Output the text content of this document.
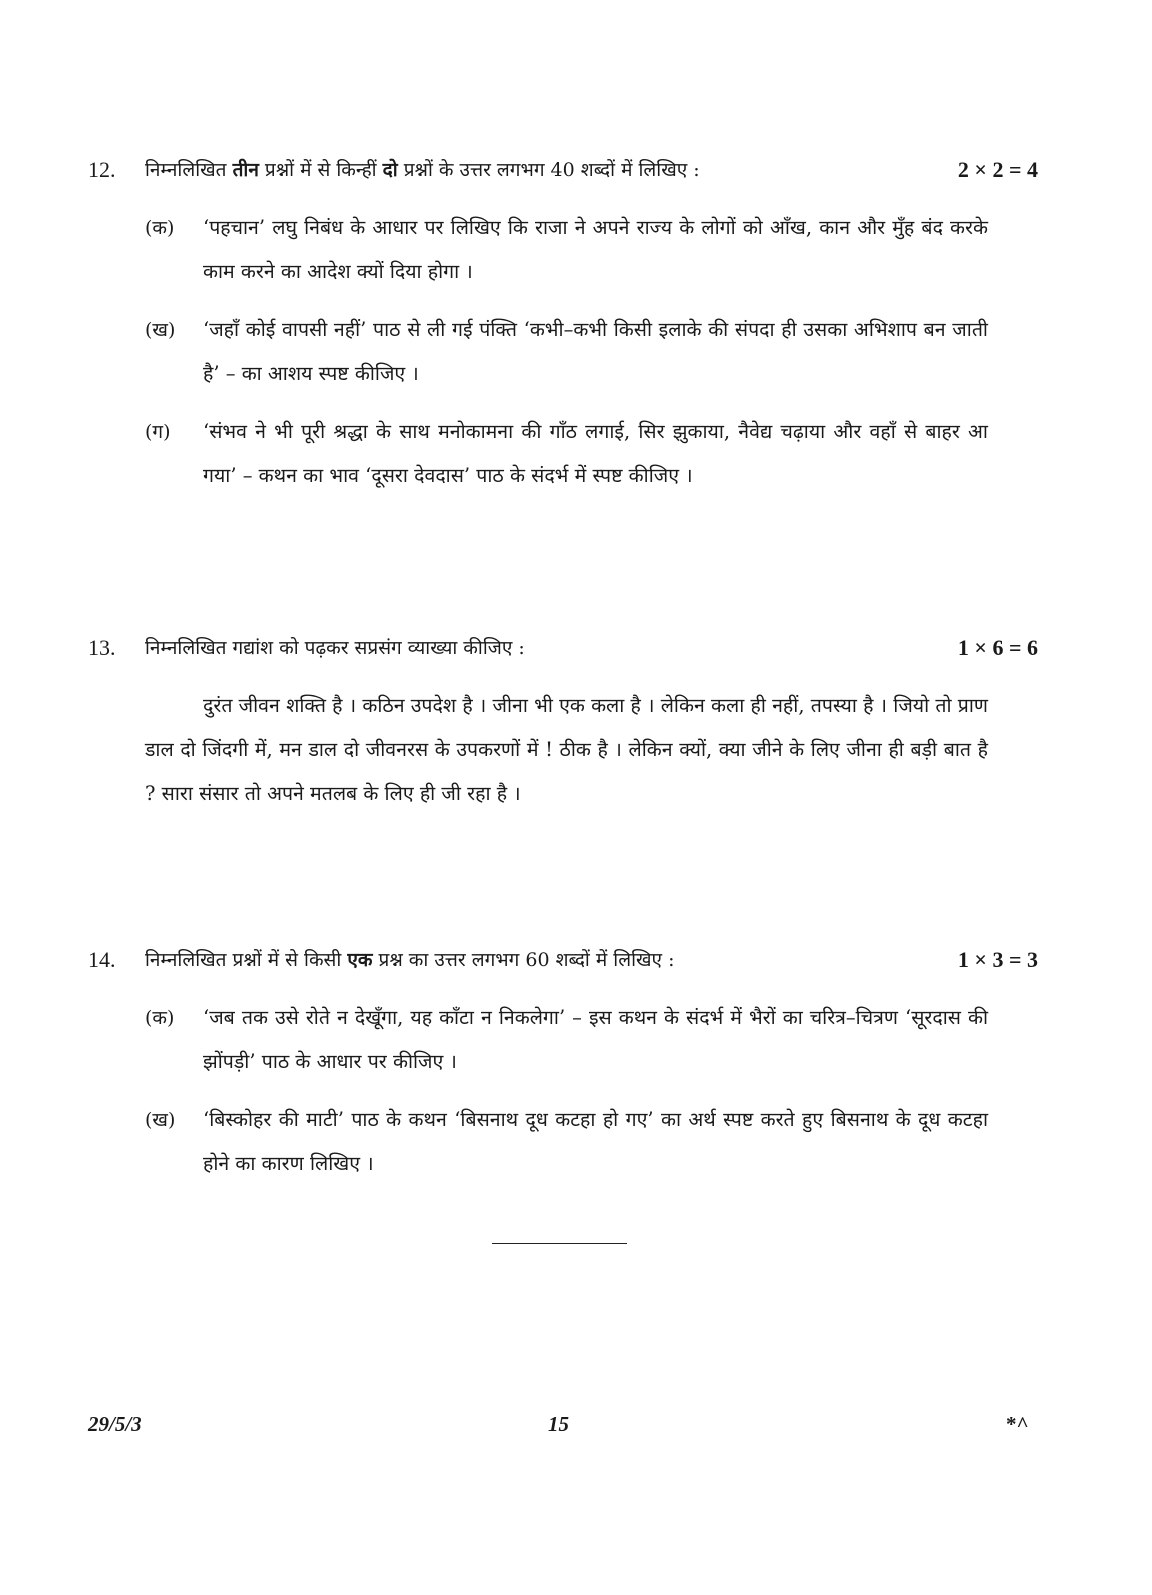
12. निम्नलिखित तीन प्रश्नों में से किन्हीं दो प्रश्नों के उत्तर लगभग 40 शब्दों में लिखिए :	2 × 2 = 4
(क) ‘पहचान’ लघु निबंध के आधार पर लिखिए कि राजा ने अपने राज्य के लोगों को आँख, कान और मुँह बंद करके काम करने का आदेश क्यों दिया होगा ।
(ख) ‘जहाँ कोई वापसी नहीं’ पाठ से ली गई पंक्ति ‘कभी–कभी किसी इलाके की संपदा ही उसका अभिशाप बन जाती है’ – का आशय स्पष्ट कीजिए ।
(ग) ‘संभव ने भी पूरी श्रद्धा के साथ मनोकामना की गाँठ लगाई, सिर झुकाया, नैवेद्य चढ़ाया और वहाँ से बाहर आ गया’ – कथन का भाव ‘दूसरा देवदास’ पाठ के संदर्भ में स्पष्ट कीजिए ।
13. निम्नलिखित गद्यांश को पढ़कर सप्रसंग व्याख्या कीजिए :	1 × 6 = 6
दुरंत जीवन शक्ति है । कठिन उपदेश है । जीना भी एक कला है । लेकिन कला ही नहीं, तपस्या है । जियो तो प्राण डाल दो जिंदगी में, मन डाल दो जीवनरस के उपकरणों में ! ठीक है । लेकिन क्यों, क्या जीने के लिए जीना ही बड़ी बात है ? सारा संसार तो अपने मतलब के लिए ही जी रहा है ।
14. निम्नलिखित प्रश्नों में से किसी एक प्रश्न का उत्तर लगभग 60 शब्दों में लिखिए :	1 × 3 = 3
(क) ‘जब तक उसे रोते न देखूँगा, यह काँटा न निकलेगा’ – इस कथन के संदर्भ में भैरों का चरित्र–चित्रण ‘सूरदास की झोंपड़ी’ पाठ के आधार पर कीजिए ।
(ख) ‘बिस्कोहर की माटी’ पाठ के कथन ‘बिसनाथ दूध कटहा हो गए’ का अर्थ स्पष्ट करते हुए बिसनाथ के दूध कटहा होने का कारण लिखिए ।
29/5/3	15	*^
